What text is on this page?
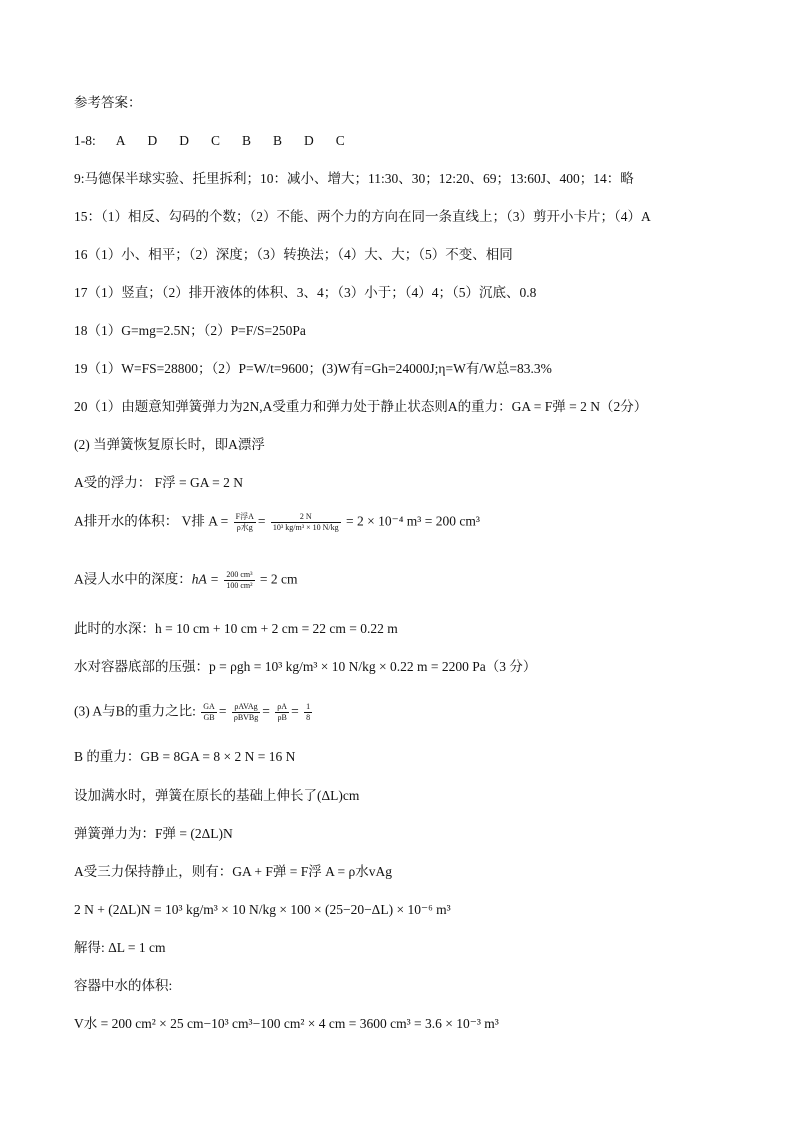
参考答案：
1-8:A D D C B B D C
9:马德保半球实验、托里拆利；10：减小、增大；11:30、30；12:20、69；13:60J、400；14：略
15：（1）相反、勾码的个数；（2）不能、两个力的方向在同一条直线上；（3）剪开小卡片；（4）A
16（1）小、相平；（2）深度；（3）转换法；（4）大、大；（5）不变、相同
17（1）竖直；（2）排开液体的体积、3、4；（3）小于；（4）4；（5）沉底、0.8
18（1）G=mg=2.5N；（2）P=F/S=250Pa
19（1）W=FS=28800；（2）P=W/t=9600；(3)W有=Gh=24000J;η=W有/W总=83.3%
20（1）由题意知弹簧弹力为2N,A受重力和弹力处于静止状态则A的重力：GA = F弹 = 2 N（2分）
(2) 当弹簧恢复原长时，即A漂浮
A受的浮力： F浮 = GA = 2 N
A排开水的体积： V排 $A = \frac{\text{F浮A}}{\text{ρ水g}} = \frac{2 N}{\text{10³ kg/m³ × 10 N/kg}} = 2 \times 10^{-4}$ m³ = 200 cm³
A浸人水中的深度：hA = $\frac{\text{200 cm³}}{\text{100 cm²}} = 2$ cm
此时的水深：h = 10 cm + 10 cm + 2 cm = 22 cm = 0.22 m
水对容器底部的压强：p = ρgh = 10³ kg/m³ × 10 N/kg × 0.22 m = 2200 Pa（3 分）
(3) A与B的重力之比: $\frac{GA}{GB} = \frac{\text{ρAVAg}}{\text{ρBVBg}} = \frac{\rho A}{\rho B} = \frac{1}{8}$
B 的重力：GB = 8GA = 8 × 2 N = 16 N
设加满水时，弹簧在原长的基础上伸长了(ΔL)cm
弹簧弹力为：F弹 = (2ΔL)N
A受三力保持静止，则有：GA + F弹 = F浮 A = ρ水vAg
2 N + (2ΔL)N = 10³ kg/m³ × 10 N/kg × 100 × (25−20−ΔL) × 10⁻⁶ m³
解得: ΔL = 1 cm
容器中水的体积:
V水 = 200 cm² × 25 cm−10³ cm³−100 cm² × 4 cm = 3600 cm³ = 3.6 × 10⁻³ m³
